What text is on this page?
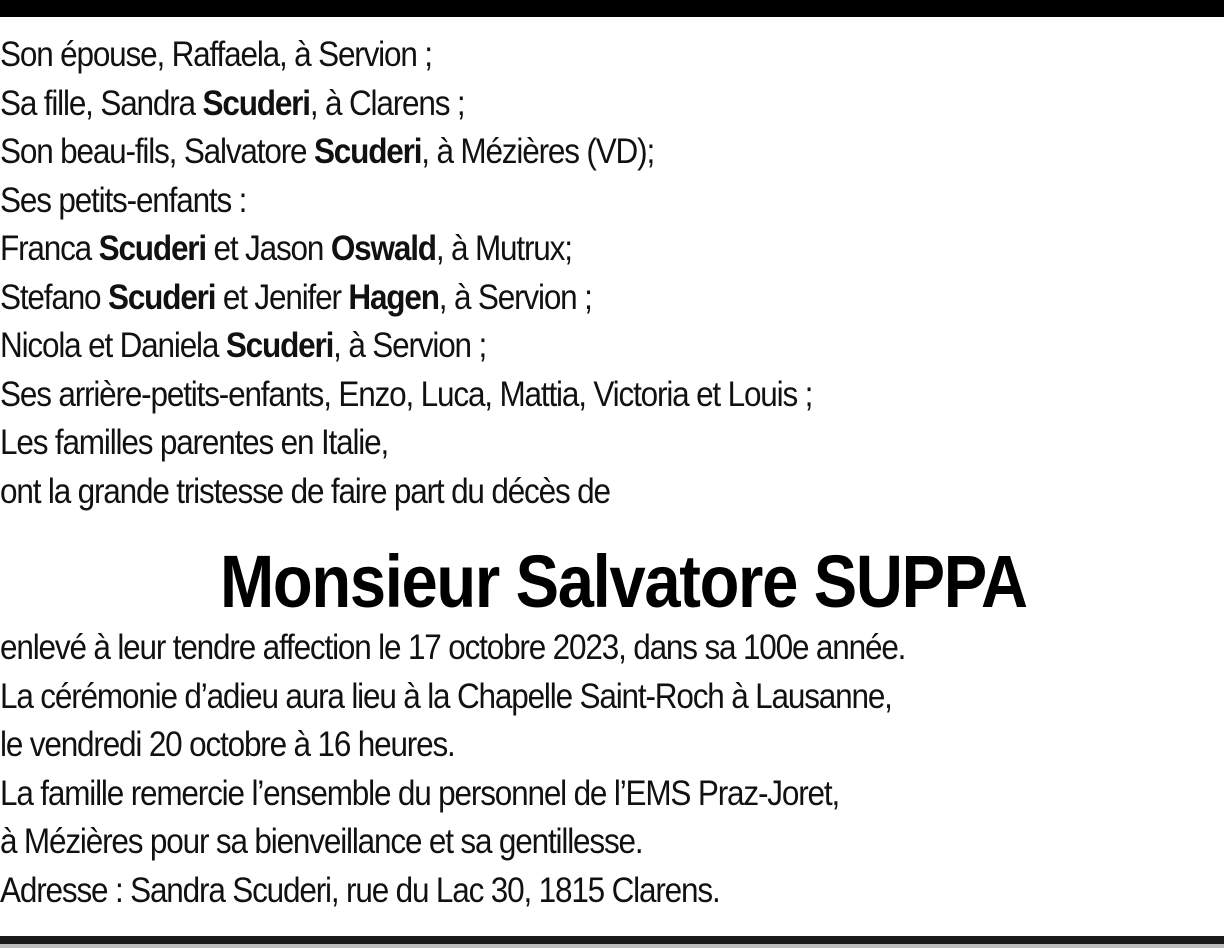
Son épouse, Raffaela, à Servion ;
Sa fille, Sandra Scuderi, à Clarens ;
Son beau-fils, Salvatore Scuderi, à Mézières (VD);
Ses petits-enfants :
Franca Scuderi et Jason Oswald, à Mutrux;
Stefano Scuderi et Jenifer Hagen, à Servion ;
Nicola et Daniela Scuderi, à Servion ;
Ses arrière-petits-enfants, Enzo, Luca, Mattia, Victoria et Louis ;
Les familles parentes en Italie,
ont la grande tristesse de faire part du décès de
Monsieur Salvatore SUPPA
enlevé à leur tendre affection le 17 octobre 2023, dans sa 100e année.
La cérémonie d’adieu aura lieu à la Chapelle Saint-Roch à Lausanne,
le vendredi 20 octobre à 16 heures.
La famille remercie l’ensemble du personnel de l’EMS Praz-Joret,
à Mézières pour sa bienveillance et sa gentillesse.
Adresse : Sandra Scuderi, rue du Lac 30, 1815 Clarens.
